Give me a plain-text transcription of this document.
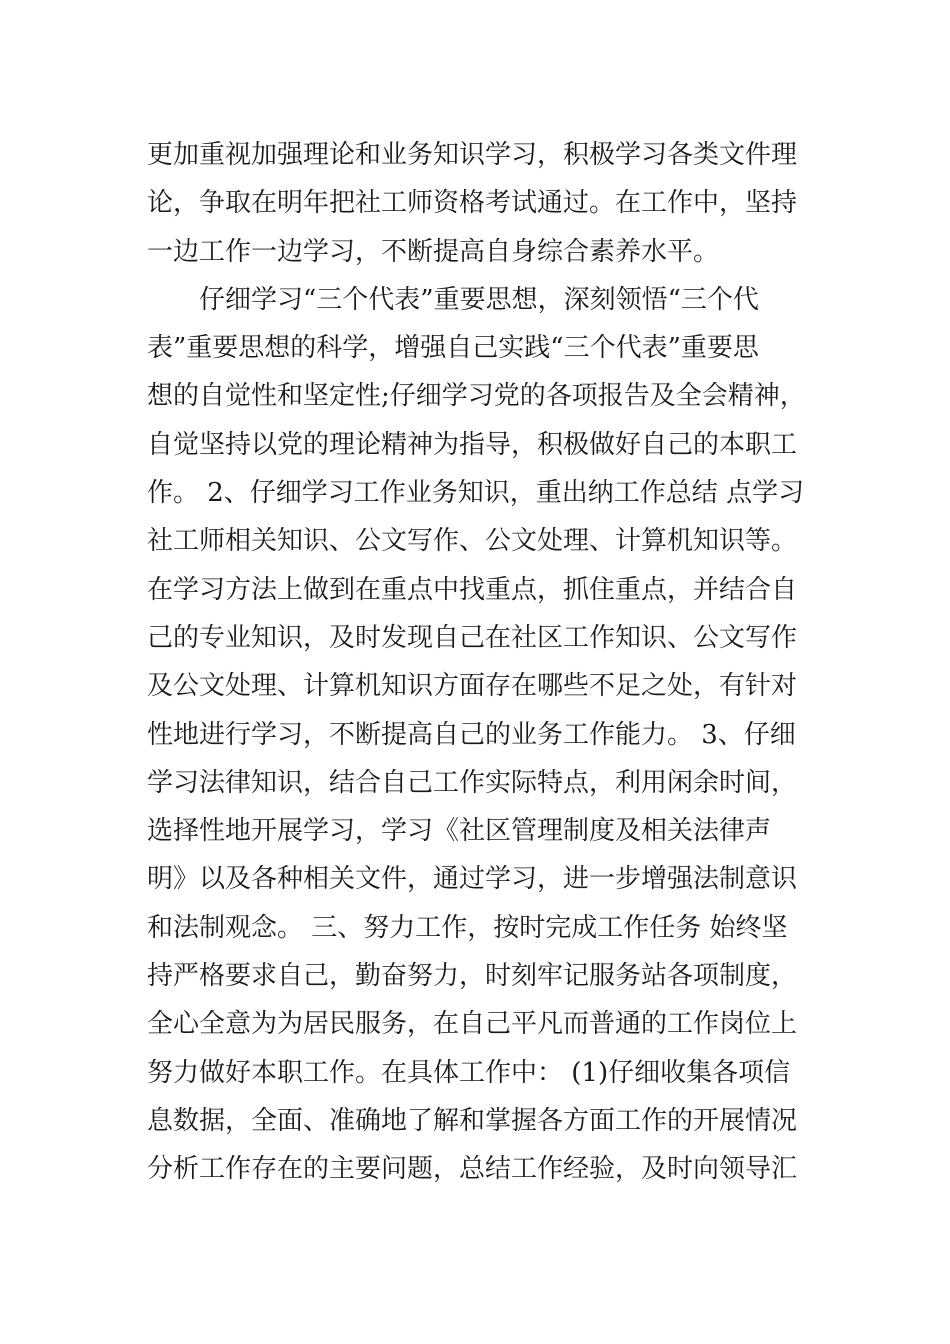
更加重视加强理论和业务知识学习，积极学习各类文件理
论，争取在明年把社工师资格考试通过。在工作中，坚持
一边工作一边学习，不断提高自身综合素养水平。
仔细学习“三个代表”重要思想，深刻领悟“三个代
表”重要思想的科学，增强自己实践“三个代表”重要思
想的自觉性和坚定性;仔细学习党的各项报告及全会精神，
自觉坚持以党的理论精神为指导，积极做好自己的本职工
作。 2、仔细学习工作业务知识，重出纳工作总结 点学习
社工师相关知识、公文写作、公文处理、计算机知识等。
在学习方法上做到在重点中找重点，抓住重点，并结合自
己的专业知识，及时发现自己在社区工作知识、公文写作
及公文处理、计算机知识方面存在哪些不足之处，有针对
性地进行学习，不断提高自己的业务工作能力。 3、仔细
学习法律知识，结合自己工作实际特点，利用闲余时间，
选择性地开展学习，学习《社区管理制度及相关法律声
明》以及各种相关文件，通过学习，进一步增强法制意识
和法制观念。 三、努力工作，按时完成工作任务 始终坚
持严格要求自己，勤奋努力，时刻牢记服务站各项制度，
全心全意为为居民服务，在自己平凡而普通的工作岗位上
努力做好本职工作。在具体工作中： (1)仔细收集各项信
息数据，全面、准确地了解和掌握各方面工作的开展情况
分析工作存在的主要问题，总结工作经验，及时向领导汇
